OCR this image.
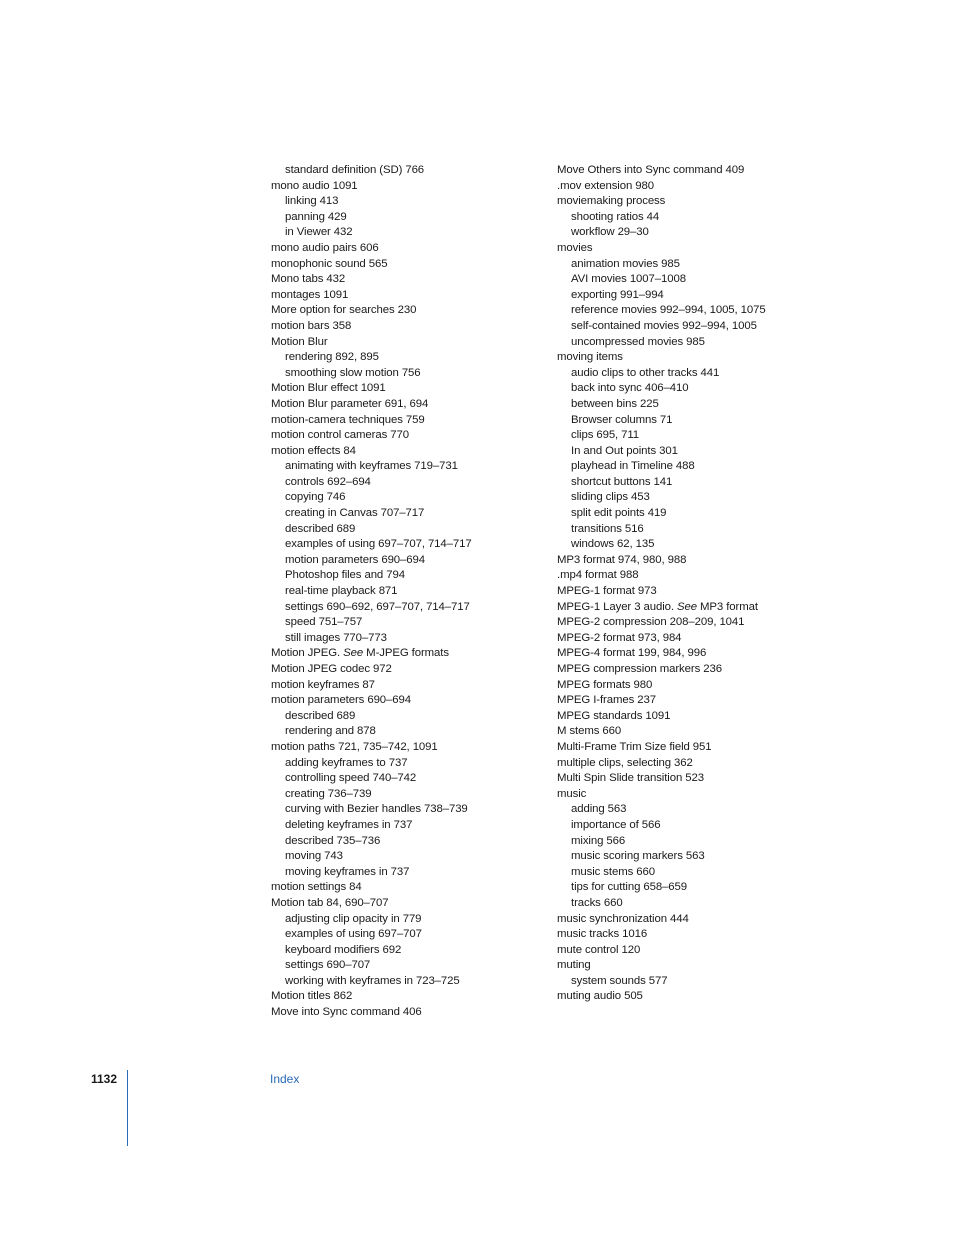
standard definition (SD) 766
mono audio 1091
linking 413
panning 429
in Viewer 432
mono audio pairs 606
monophonic sound 565
Mono tabs 432
montages 1091
More option for searches 230
motion bars 358
Motion Blur
rendering 892, 895
smoothing slow motion 756
Motion Blur effect 1091
Motion Blur parameter 691, 694
motion-camera techniques 759
motion control cameras 770
motion effects 84
animating with keyframes 719–731
controls 692–694
copying 746
creating in Canvas 707–717
described 689
examples of using 697–707, 714–717
motion parameters 690–694
Photoshop files and 794
real-time playback 871
settings 690–692, 697–707, 714–717
speed 751–757
still images 770–773
Motion JPEG. See M-JPEG formats
Motion JPEG codec 972
motion keyframes 87
motion parameters 690–694
described 689
rendering and 878
motion paths 721, 735–742, 1091
adding keyframes to 737
controlling speed 740–742
creating 736–739
curving with Bezier handles 738–739
deleting keyframes in 737
described 735–736
moving 743
moving keyframes in 737
motion settings 84
Motion tab 84, 690–707
adjusting clip opacity in 779
examples of using 697–707
keyboard modifiers 692
settings 690–707
working with keyframes in 723–725
Motion titles 862
Move into Sync command 406
Move Others into Sync command 409
.mov extension 980
moviemaking process
shooting ratios 44
workflow 29–30
movies
animation movies 985
AVI movies 1007–1008
exporting 991–994
reference movies 992–994, 1005, 1075
self-contained movies 992–994, 1005
uncompressed movies 985
moving items
audio clips to other tracks 441
back into sync 406–410
between bins 225
Browser columns 71
clips 695, 711
In and Out points 301
playhead in Timeline 488
shortcut buttons 141
sliding clips 453
split edit points 419
transitions 516
windows 62, 135
MP3 format 974, 980, 988
.mp4 format 988
MPEG-1 format 973
MPEG-1 Layer 3 audio. See MP3 format
MPEG-2 compression 208–209, 1041
MPEG-2 format 973, 984
MPEG-4 format 199, 984, 996
MPEG compression markers 236
MPEG formats 980
MPEG I-frames 237
MPEG standards 1091
M stems 660
Multi-Frame Trim Size field 951
multiple clips, selecting 362
Multi Spin Slide transition 523
music
adding 563
importance of 566
mixing 566
music scoring markers 563
music stems 660
tips for cutting 658–659
tracks 660
music synchronization 444
music tracks 1016
mute control 120
muting
system sounds 577
muting audio 505
1132	Index
